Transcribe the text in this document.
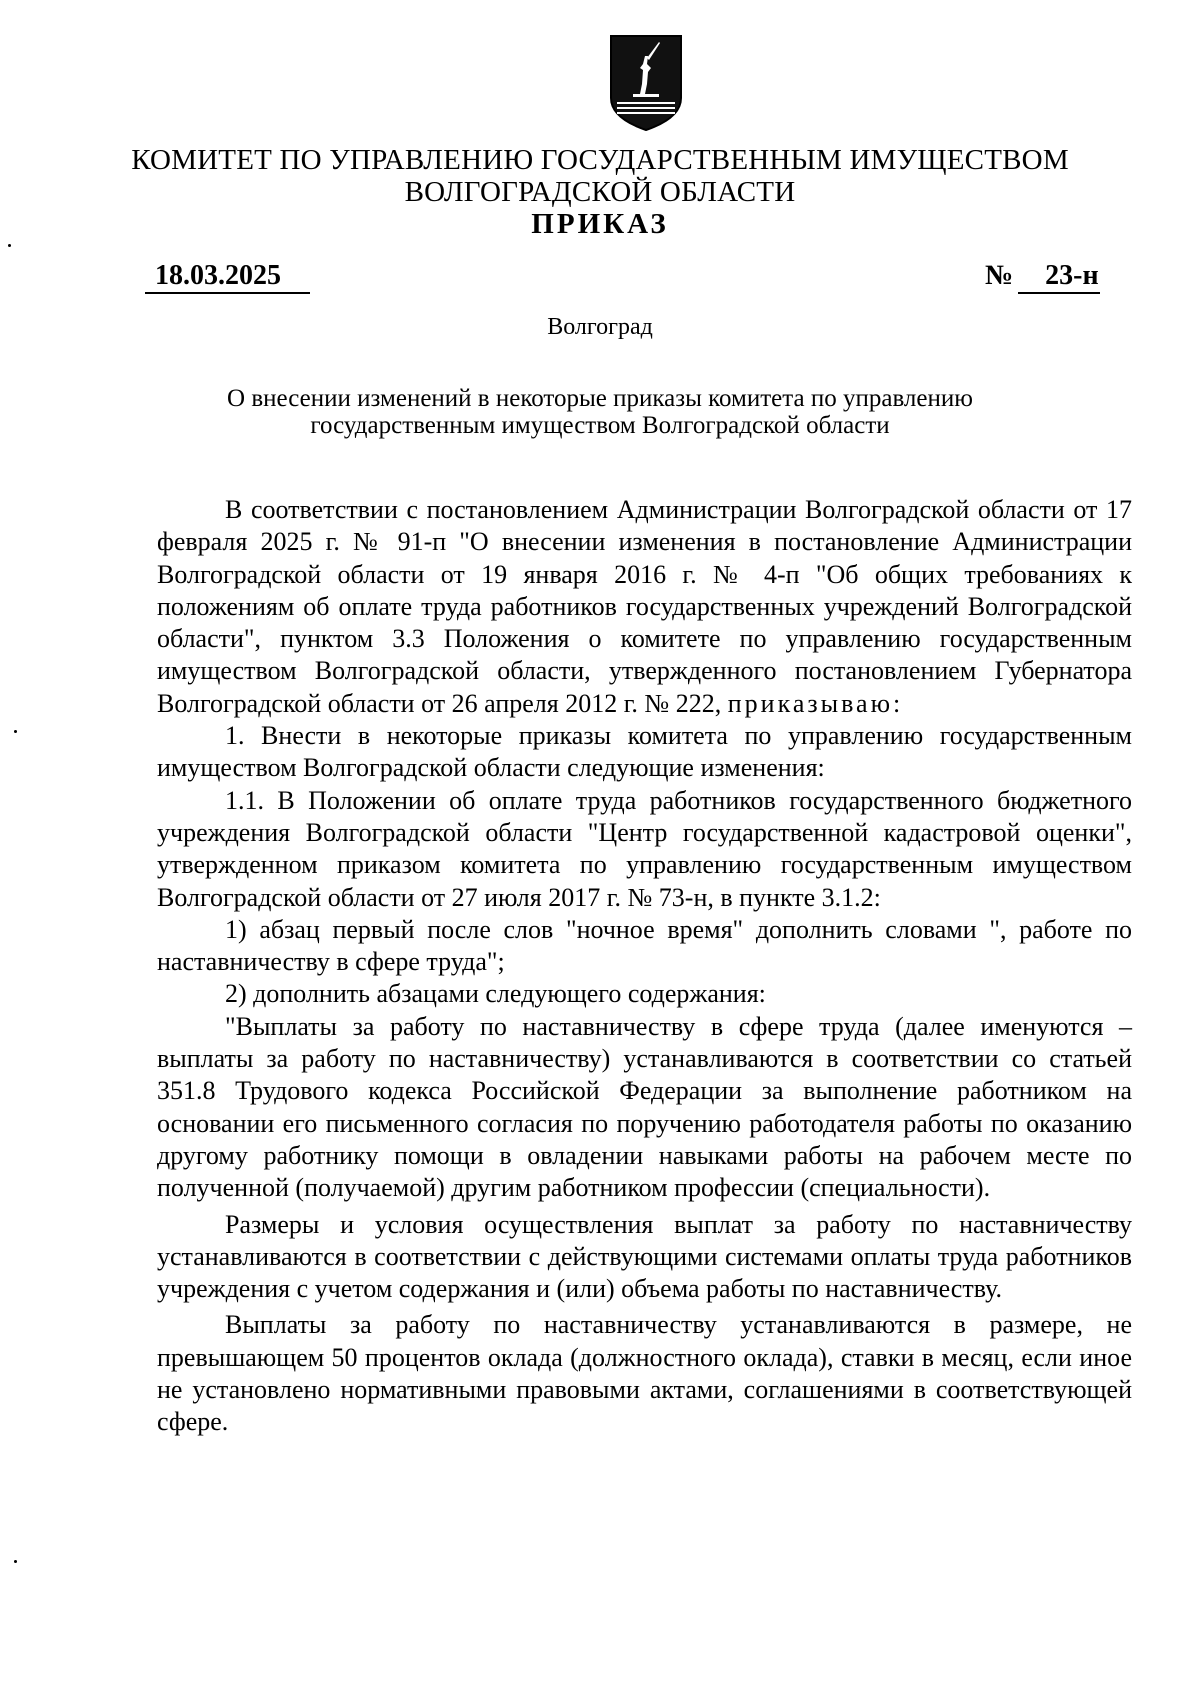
КОМИТЕТ ПО УПРАВЛЕНИЮ ГОСУДАРСТВЕННЫМ ИМУЩЕСТВОМ
ВОЛГОГРАДСКОЙ ОБЛАСТИ
ПРИКАЗ
18.03.2025	№ 23-н
Волгоград
О внесении изменений в некоторые приказы комитета по управлению
государственным имуществом Волгоградской области

В соответствии с постановлением Администрации Волгоградской области от 17 февраля 2025 г. № 91-п "О внесении изменения в постановление Администрации Волгоградской области от 19 января 2016 г. № 4-п "Об общих требованиях к положениям об оплате труда работников государственных учреждений Волгоградской области", пунктом 3.3 Положения о комитете по управлению государственным имуществом Волгоградской области, утвержденного постановлением Губернатора Волгоградской области от 26 апреля 2012 г. № 222, приказываю:

1. Внести в некоторые приказы комитета по управлению государственным имуществом Волгоградской области следующие изменения:

1.1. В Положении об оплате труда работников государственного бюджетного учреждения Волгоградской области "Центр государственной кадастровой оценки", утвержденном приказом комитета по управлению государственным имуществом Волгоградской области от 27 июля 2017 г. № 73-н, в пункте 3.1.2:

1) абзац первый после слов "ночное время" дополнить словами ", работе по наставничеству в сфере труда";

2) дополнить абзацами следующего содержания:

"Выплаты за работу по наставничеству в сфере труда (далее именуются – выплаты за работу по наставничеству) устанавливаются в соответствии со статьей 351.8 Трудового кодекса Российской Федерации за выполнение работником на основании его письменного согласия по поручению работодателя работы по оказанию другому работнику помощи в овладении навыками работы на рабочем месте по полученной (получаемой) другим работником профессии (специальности).

Размеры и условия осуществления выплат за работу по наставничеству устанавливаются в соответствии с действующими системами оплаты труда работников учреждения с учетом содержания и (или) объема работы по наставничеству.

Выплаты за работу по наставничеству устанавливаются в размере, не превышающем 50 процентов оклада (должностного оклада), ставки в месяц, если иное не установлено нормативными правовыми актами, соглашениями в соответствующей сфере.
